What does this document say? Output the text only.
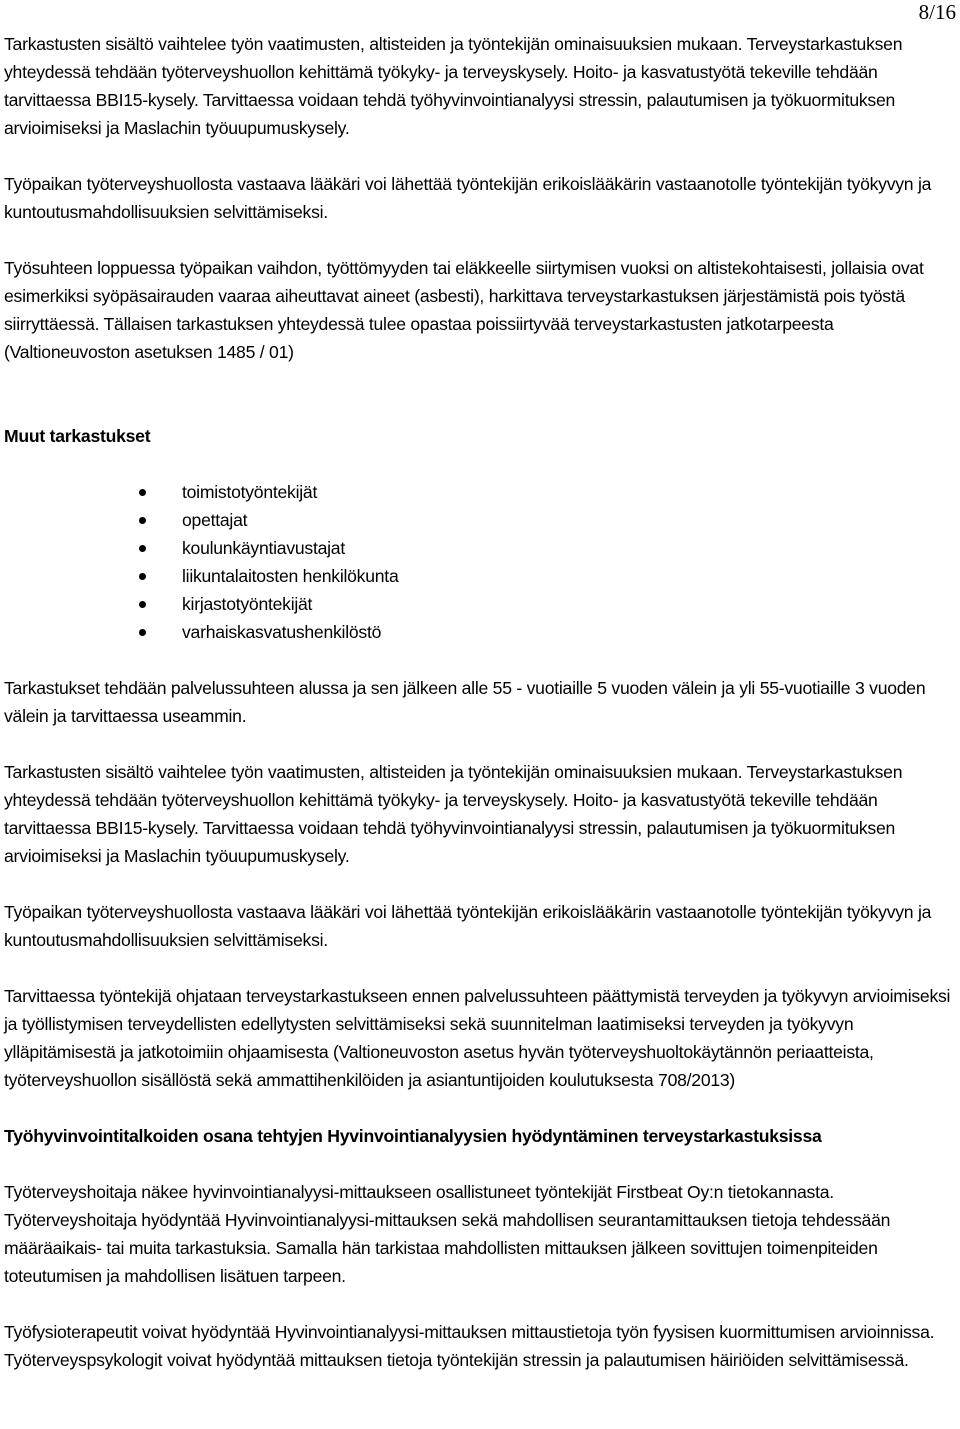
8/16

Tarkastusten sisältö vaihtelee työn vaatimusten, altisteiden ja työntekijän ominaisuuksien mukaan. Terveystarkastuksen yhteydessä tehdään työterveyshuollon kehittämä työkyky- ja terveyskysely. Hoito- ja kasvatustyötä tekeville tehdään tarvittaessa BBI15-kysely. Tarvittaessa voidaan tehdä työhyvinvointianalyysi stressin, palautumisen ja työkuormituksen arvioimiseksi ja Maslachin työuupumuskysely.

Työpaikan työterveyshuollosta vastaava lääkäri voi lähettää työntekijän erikoislääkärin vastaanotolle työntekijän työkyvyn ja kuntoutusmahdollisuuksien selvittämiseksi.

Työsuhteen loppuessa työpaikan vaihdon, työttömyyden tai eläkkeelle siirtymisen vuoksi on altistekohtaisesti, jollaisia ovat esimerkiksi syöpäsairauden vaaraa aiheuttavat aineet (asbesti), harkittava terveystarkastuksen järjestämistä pois työstä siirryttäessä. Tällaisen tarkastuksen yhteydessä tulee opastaa poissiirtyvää terveystarkastusten jatkotarpeesta (Valtioneuvoston asetuksen 1485 / 01)

Muut tarkastukset

toimistotyöntekijät
opettajat
koulunkäyntiavustajat
liikuntalaitosten henkilökunta
kirjastotyöntekijät
varhaiskasvatushenkilöstö

Tarkastukset tehdään palvelussuhteen alussa ja sen jälkeen alle 55 - vuotiaille 5 vuoden välein ja yli 55-vuotiaille 3 vuoden välein ja tarvittaessa useammin.

Tarkastusten sisältö vaihtelee työn vaatimusten, altisteiden ja työntekijän ominaisuuksien mukaan. Terveystarkastuksen yhteydessä tehdään työterveyshuollon kehittämä työkyky- ja terveyskysely. Hoito- ja kasvatustyötä tekeville tehdään tarvittaessa BBI15-kysely. Tarvittaessa voidaan tehdä työhyvinvointianalyysi stressin, palautumisen ja työkuormituksen arvioimiseksi ja Maslachin työuupumuskysely.

Työpaikan työterveyshuollosta vastaava lääkäri voi lähettää työntekijän erikoislääkärin vastaanotolle työntekijän työkyvyn ja kuntoutusmahdollisuuksien selvittämiseksi.

Tarvittaessa työntekijä ohjataan terveystarkastukseen ennen palvelussuhteen päättymistä terveyden ja työkyvyn arvioimiseksi ja työllistymisen terveydellisten edellytysten selvittämiseksi sekä suunnitelman laatimiseksi terveyden ja työkyvyn ylläpitämisestä ja jatkotoimiin ohjaamisesta (Valtioneuvoston asetus hyvän työterveyshuoltokäytännön periaatteista, työterveyshuollon sisällöstä sekä ammattihenkilöiden ja asiantuntijoiden koulutuksesta 708/2013)

Työhyvinvointitalkoiden osana tehtyjen Hyvinvointianalyysien hyödyntäminen terveystarkastuksissa

Työterveyshoitaja näkee hyvinvointianalyysi-mittaukseen osallistuneet työntekijät Firstbeat Oy:n tietokannasta. Työterveyshoitaja hyödyntää Hyvinvointianalyysi-mittauksen sekä mahdollisen seurantamittauksen tietoja tehdessään määräaikais- tai muita tarkastuksia. Samalla hän tarkistaa mahdollisten mittauksen jälkeen sovittujen toimenpiteiden toteutumisen ja mahdollisen lisätuen tarpeen.

Työfysioterapeutit voivat hyödyntää Hyvinvointianalyysi-mittauksen mittaustietoja työn fyysisen kuormittumisen arvioinnissa. Työterveyspsykologit voivat hyödyntää mittauksen tietoja työntekijän stressin ja palautumisen häiriöiden selvittämisessä.
